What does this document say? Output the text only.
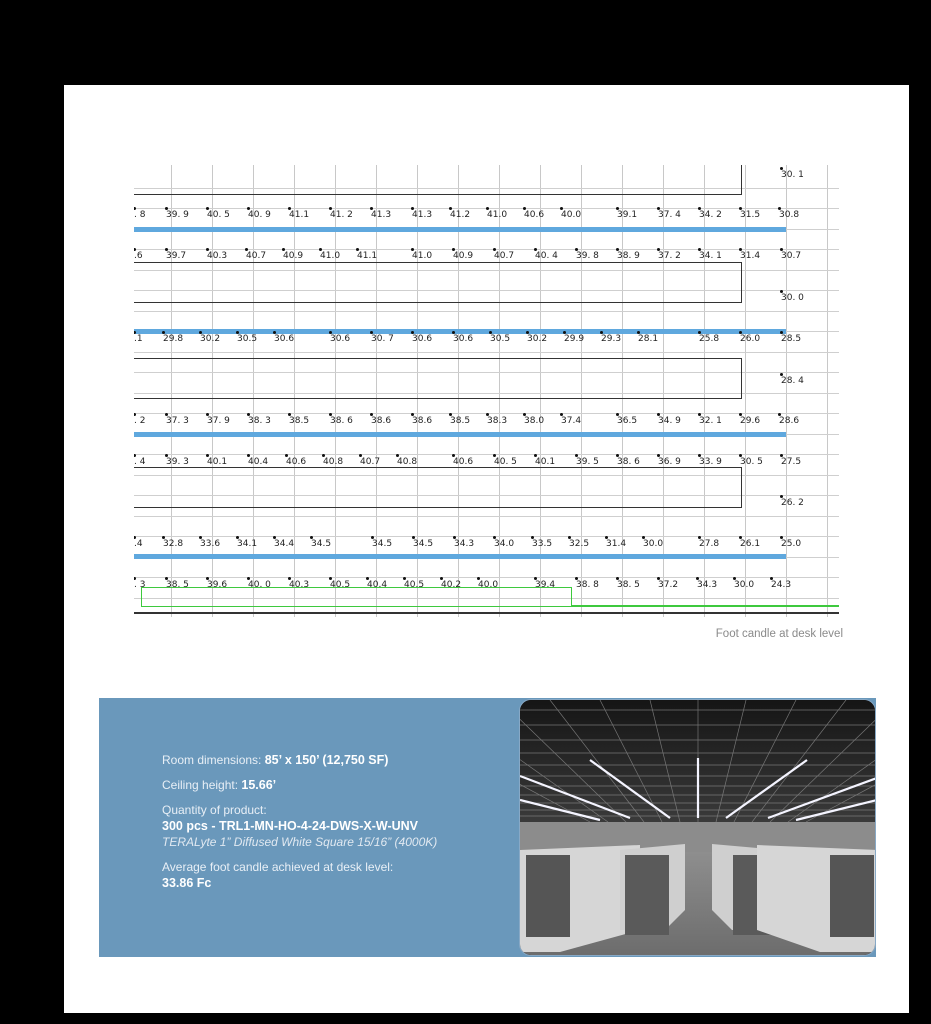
30. 1
. 8 39. 9 40. 5 40. 9 41.1 41. 2 41.3 41.3 41.2 41.0 40.6 40.0	39.1 37. 4 34. 2 31.5 30.8
.6	39.7 40.3 40.7 40.9 41.0 41.1	41.0 40.9 40.7 40. 4 39. 8 38. 9 37. 2 34. 1 31.4 30.7
30. 0
.1 29.8 30.2 30.5 30.6	30.6 30. 7 30.6 30.6 30.5 30.2 29.9 29.3 28.1	25.8 26.0 28.5
28. 4
. 2 37. 3 37. 9 38. 3 38.5 38. 6 38.6 38.6 38.5 38.3 38.0 37.4	36.5 34. 9 32. 1 29.6 28.6
. 4 39. 3 40.1 40.4 40.6 40.8 40.7 40.8	40.6 40. 5 40.1 39. 5 38. 6 36. 9 33. 9 30. 5 27.5
26. 2
.4 32.8 33.6 34.1 34.4 34.5	34.5 34.5 34.3 34.0 33.5 32.5 31.4 30.0	27.8 26.1 25.0
. 3 38. 5 39.6 40. 0 40.3 40.5 40.4 40.5 40.2 40.0	39.4 38. 8 38. 5 37.2 34.3 30.0 24.3
Foot candle at desk level

Room dimensions: 85’ x 150’ (12,750 SF)

Ceiling height: 15.66’

Quantity of product:
300 pcs - TRL1-MN-HO-4-24-DWS-X-W-UNV
TERALyte 1” Diffused White Square 15/16” (4000K)

Average foot candle achieved at desk level:
33.86 Fc
